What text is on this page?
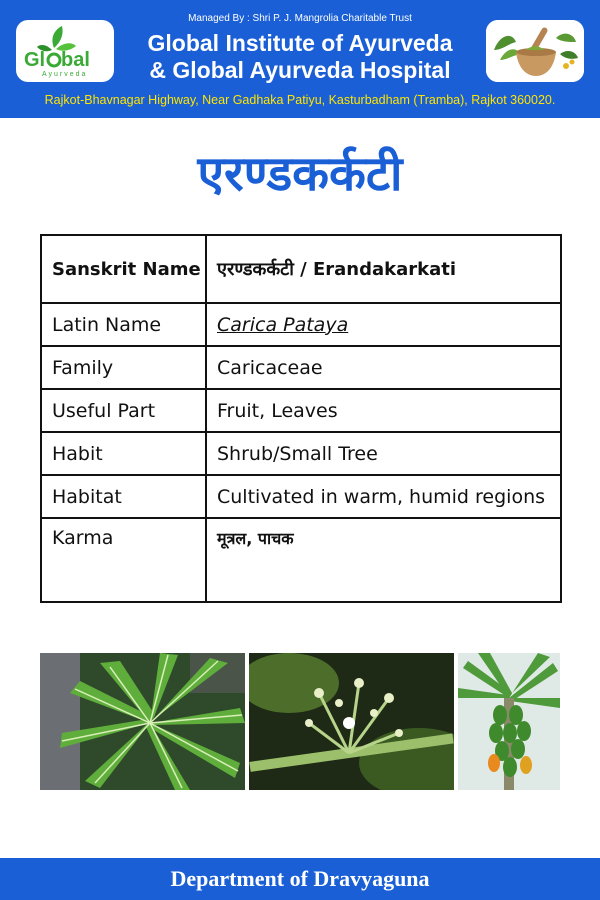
Managed By : Shri P. J. Mangrolia Charitable Trust
Gl bal
Ayurveda
Global Institute of Ayurveda
& Global Ayurveda Hospital
Rajkot-Bhavnagar Highway, Near Gadhaka Patiyu, Kasturbadham (Tramba), Rajkot 360020.
एरण्डकर्कटी
Sanskrit Name	एरण्डकर्कटी / Erandakarkati
Latin Name	Carica Pataya
Family	Caricaceae
Useful Part	Fruit, Leaves
Habit	Shrub/Small Tree
Habitat	Cultivated in warm, humid regions
Karma	मूत्रल, पाचक
Department of Dravyaguna
